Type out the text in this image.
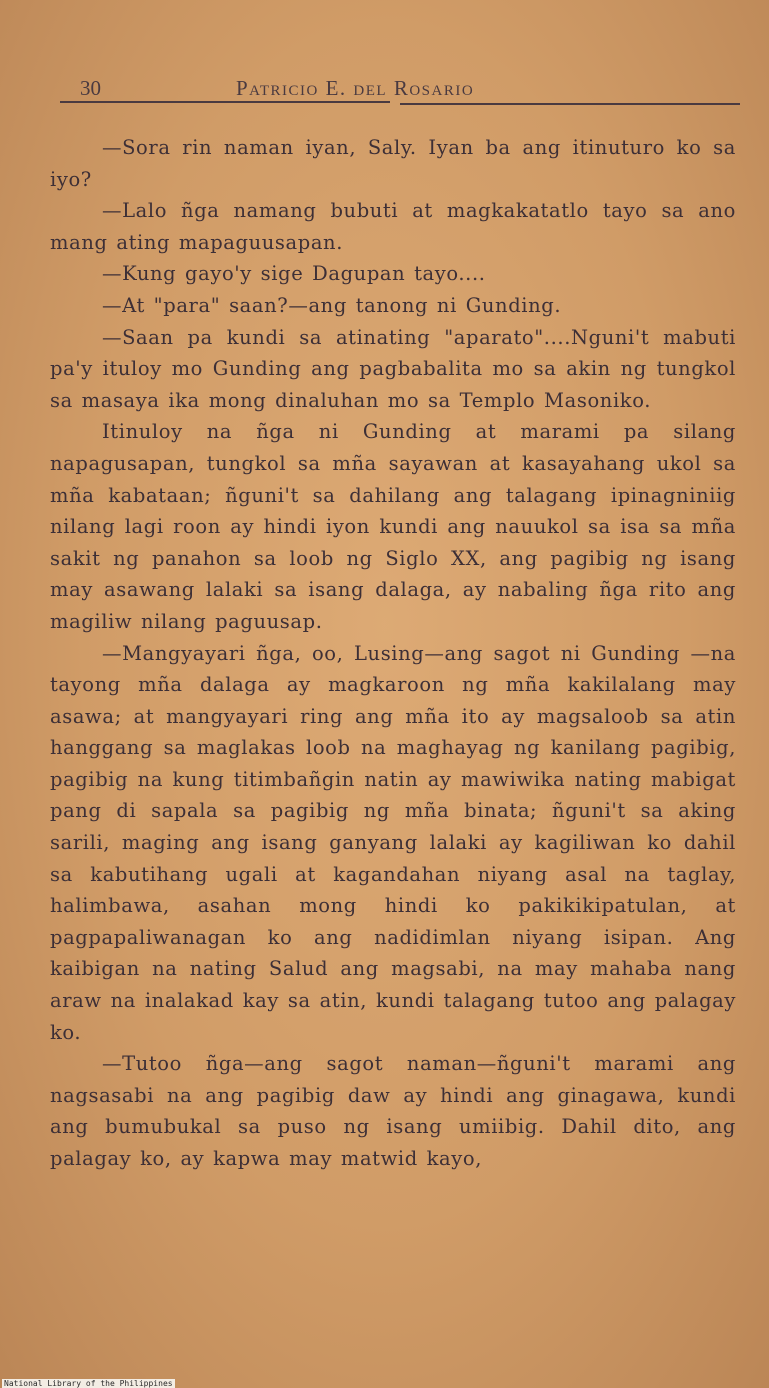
30	Patricio E. del Rosario

—Sora rin naman iyan, Saly. Iyan ba ang itinuturo ko sa iyo?

—Lalo ñga namang bubuti at magkakatatlo tayo sa ano mang ating mapaguusapan.

—Kung gayo'y sige Dagupan tayo....

—At "para" saan?—ang tanong ni Gunding.

—Saan pa kundi sa atinating "aparato"....Nguni't mabuti pa'y ituloy mo Gunding ang pagbabalita mo sa akin ng tungkol sa masaya ika mong dinaluhan mo sa Templo Masoniko.

Itinuloy na ñga ni Gunding at marami pa silang napagusapan, tungkol sa mña sayawan at kasayahang ukol sa mña kabataan; ñguni't sa dahilang ang talagang ipinagniniig nilang lagi roon ay hindi iyon kundi ang nauukol sa isa sa mña sakit ng panahon sa loob ng Siglo XX, ang pagibig ng isang may asawang lalaki sa isang dalaga, ay nabaling ñga rito ang magiliw nilang paguusap.

—Mangyayari ñga, oo, Lusing—ang sagot ni Gunding —na tayong mña dalaga ay magkaroon ng mña kakilalang may asawa; at mangyayari ring ang mña ito ay magsaloob sa atin hanggang sa maglakas loob na maghayag ng kanilang pagibig, pagibig na kung titimbañgin natin ay mawiwika nating mabigat pang di sapala sa pagibig ng mña binata; ñguni't sa aking sarili, maging ang isang ganyang lalaki ay kagiliwan ko dahil sa kabutihang ugali at kagandahan niyang asal na taglay, halimbawa, asahan mong hindi ko pakikikipatulan, at pagpapaliwanagan ko ang nadidimlan niyang isipan. Ang kaibigan na nating Salud ang magsabi, na may mahaba nang araw na inalakad kay sa atin, kundi talagang tutoo ang palagay ko.

—Tutoo ñga—ang sagot naman—ñguni't marami ang nagsasabi na ang pagibig daw ay hindi ang ginagawa, kundi ang bumubukal sa puso ng isang umiibig. Dahil dito, ang palagay ko, ay kapwa may matwid kayo,

National Library of the Philippines
